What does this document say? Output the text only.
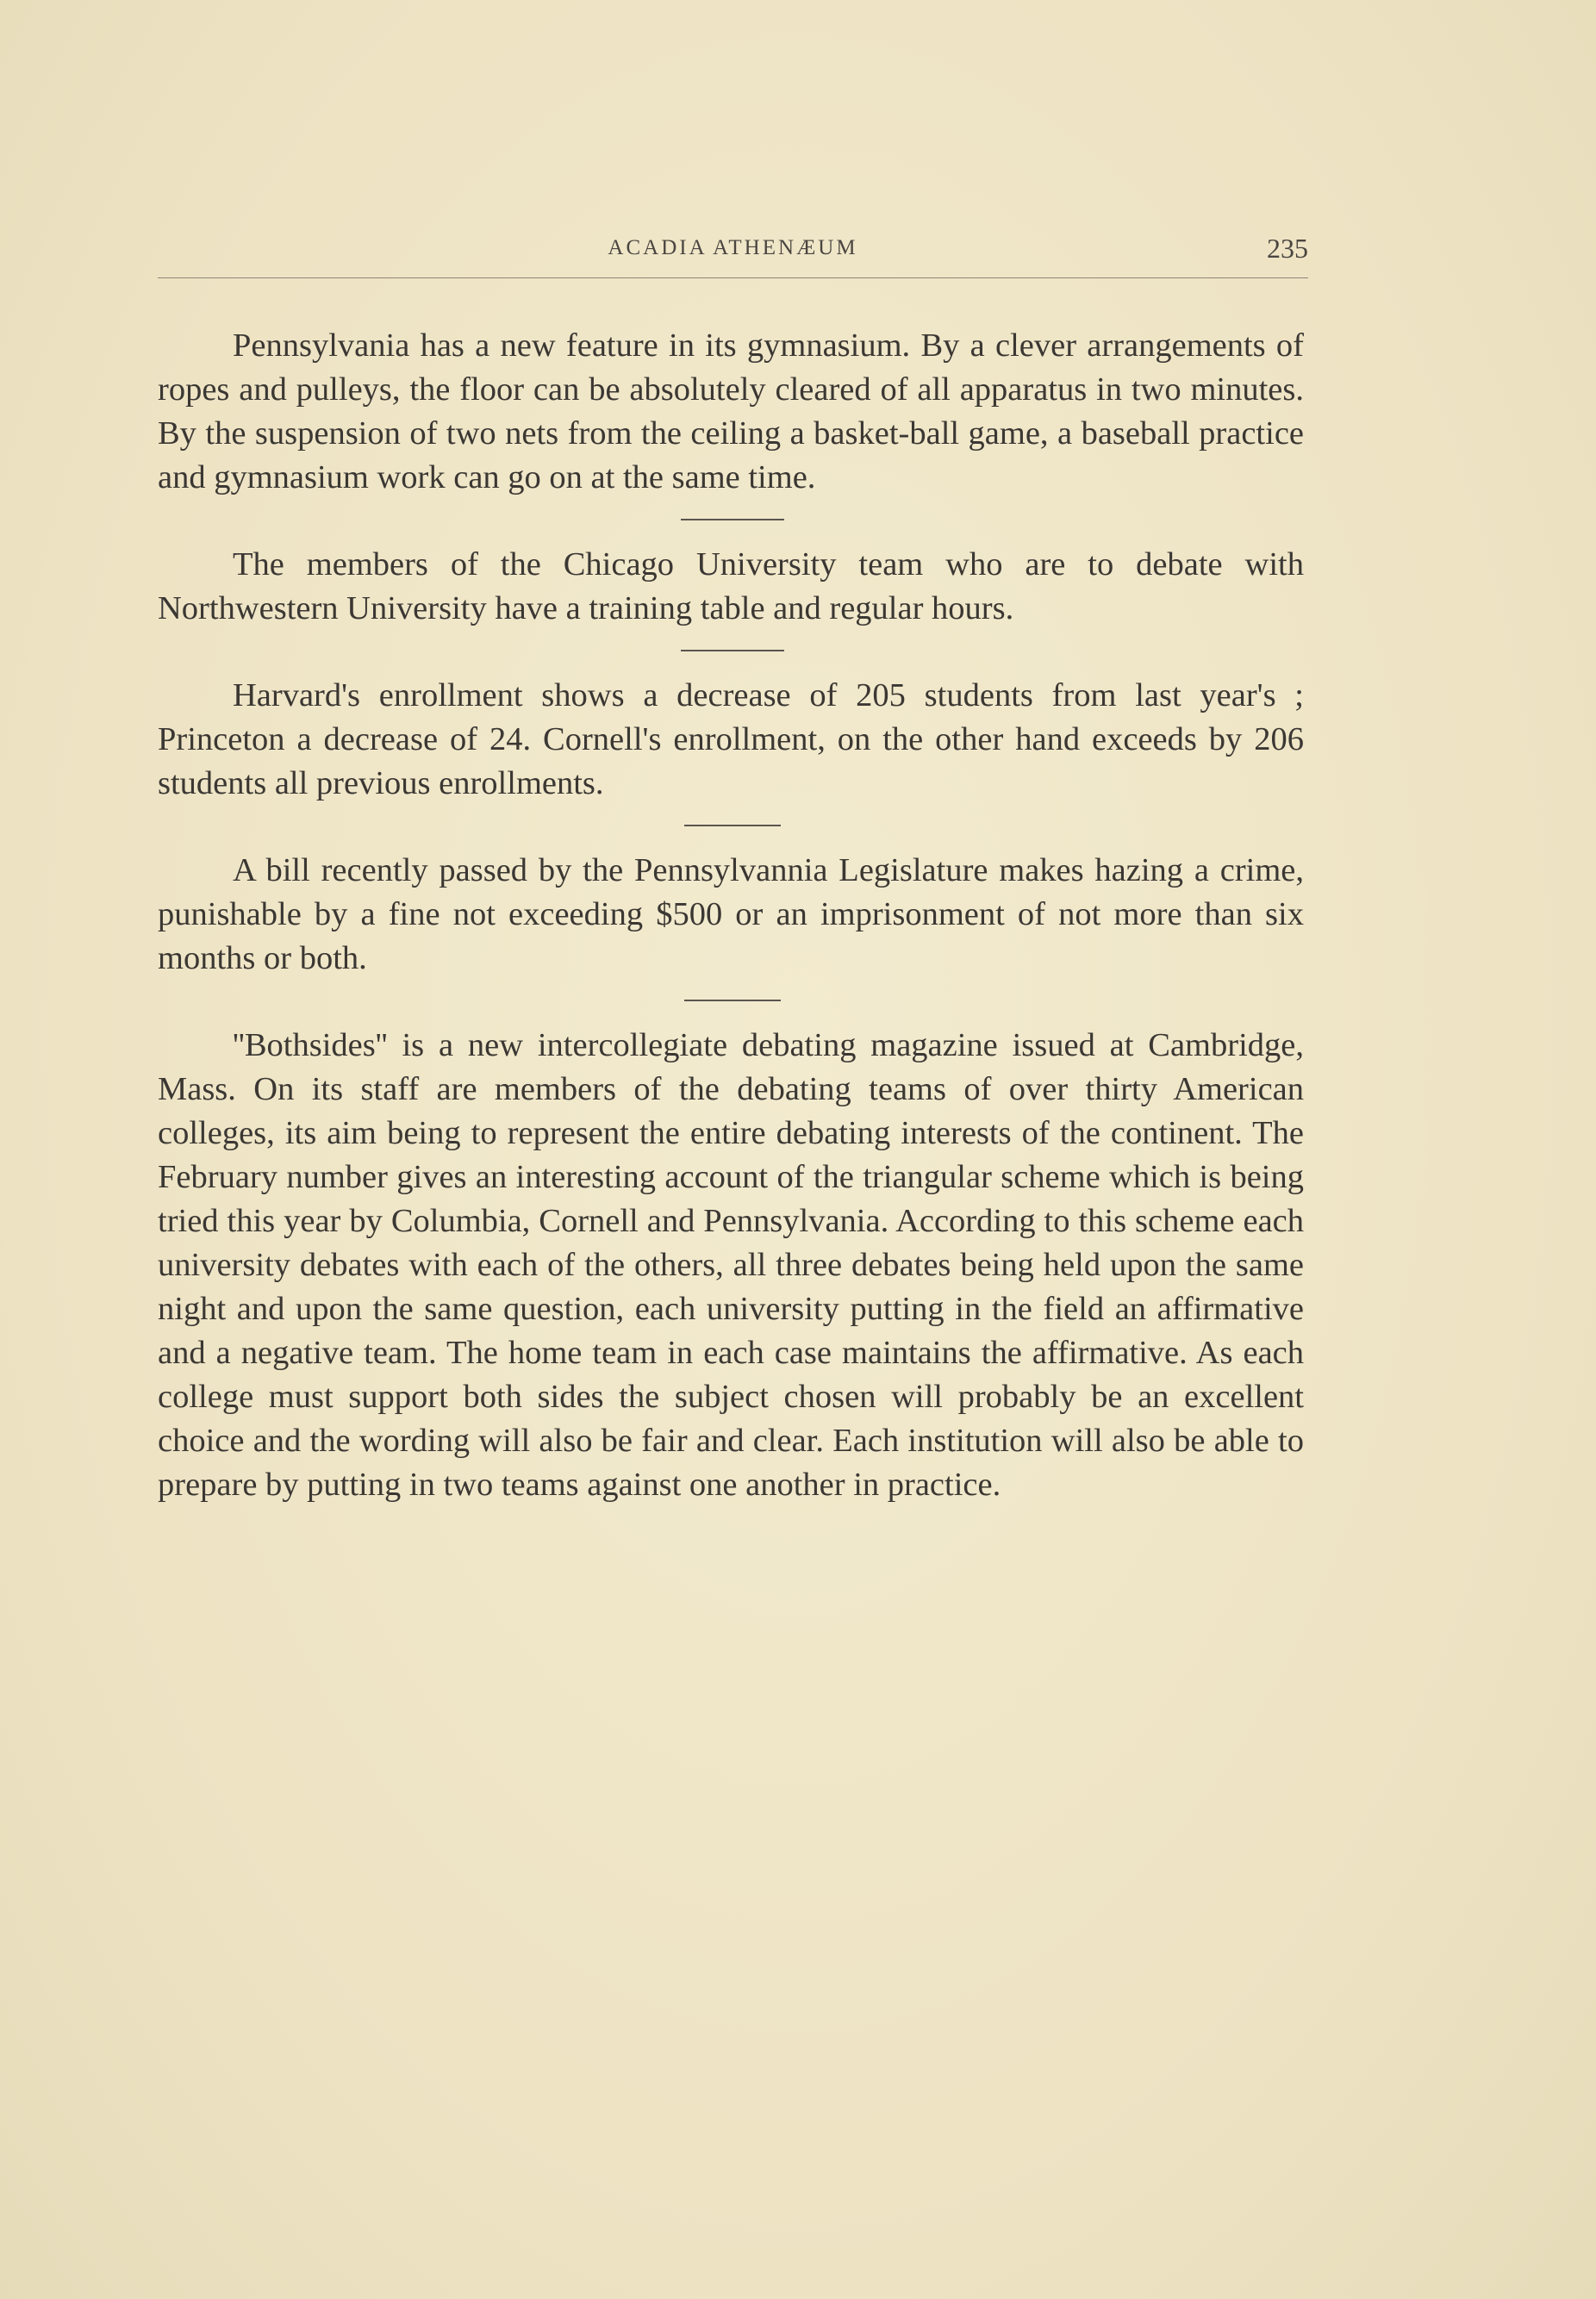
ACADIA ATHENÆUM	235

Pennsylvania has a new feature in its gymnasium. By a clever arrangements of ropes and pulleys, the floor can be absolutely cleared of all apparatus in two minutes. By the suspension of two nets from the ceiling a basket-ball game, a baseball practice and gymnasium work can go on at the same time.

The members of the Chicago University team who are to debate with Northwestern University have a training table and regular hours.

Harvard's enrollment shows a decrease of 205 students from last year's ; Princeton a decrease of 24. Cornell's enrollment, on the other hand exceeds by 206 students all previous enrollments.

A bill recently passed by the Pennsylvannia Legislature makes hazing a crime, punishable by a fine not exceeding $500 or an imprisonment of not more than six months or both.

''Bothsides'' is a new intercollegiate debating magazine issued at Cambridge, Mass. On its staff are members of the debating teams of over thirty American colleges, its aim being to represent the entire debating interests of the continent. The February number gives an interesting account of the triangular scheme which is being tried this year by Columbia, Cornell and Pennsylvania. According to this scheme each university debates with each of the others, all three debates being held upon the same night and upon the same question, each university putting in the field an affirmative and a negative team. The home team in each case maintains the affirmative. As each college must support both sides the subject chosen will probably be an excellent choice and the wording will also be fair and clear. Each institution will also be able to prepare by putting in two teams against one another in practice.
